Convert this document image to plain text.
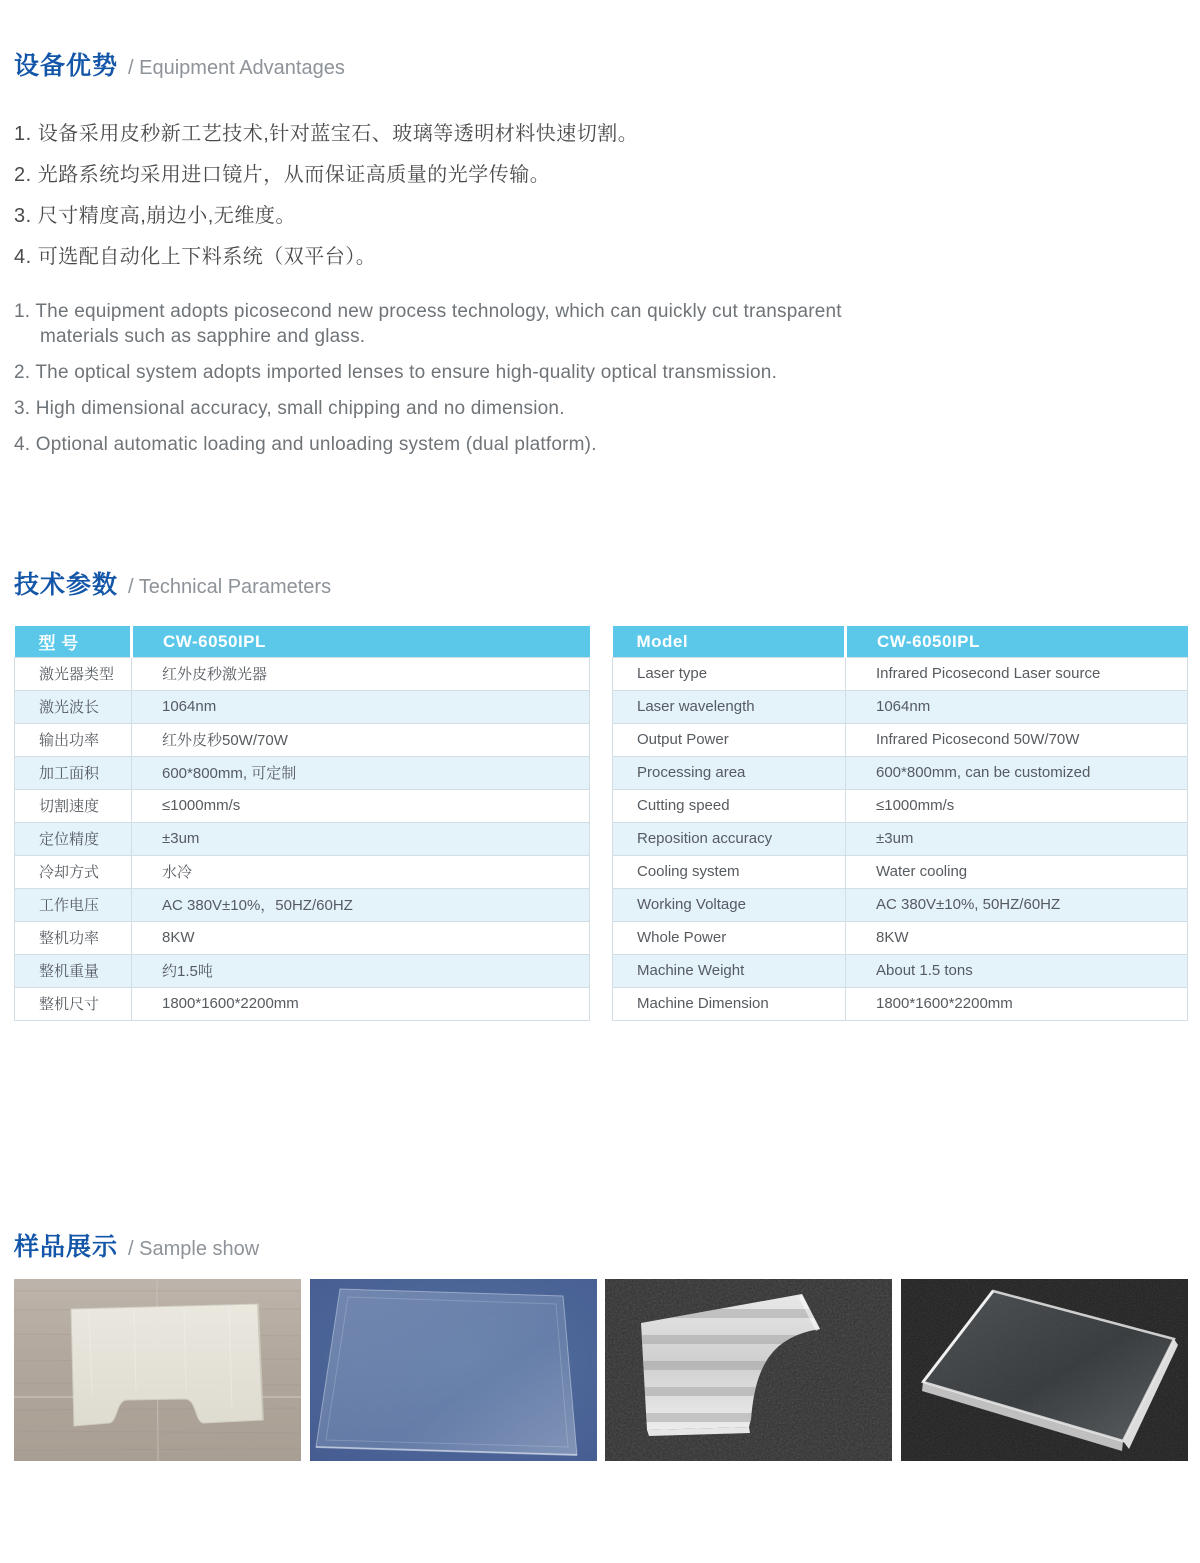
设备优势 / Equipment Advantages
1. 设备采用皮秒新工艺技术,针对蓝宝石、玻璃等透明材料快速切割。
2. 光路系统均采用进口镜片，从而保证高质量的光学传输。
3. 尺寸精度高,崩边小,无维度。
4. 可选配自动化上下料系统（双平台）。
1. The equipment adopts picosecond new process technology, which can quickly cut transparent materials such as sapphire and glass.
2. The optical system adopts imported lenses to ensure high-quality optical transmission.
3. High dimensional accuracy, small chipping and no dimension.
4. Optional automatic loading and unloading system (dual platform).
技术参数 / Technical Parameters
型 号	CW-6050IPL
激光器类型	红外皮秒激光器
激光波长	1064nm
输出功率	红外皮秒50W/70W
加工面积	600*800mm, 可定制
切割速度	≤1000mm/s
定位精度	±3um
冷却方式	水冷
工作电压	AC 380V±10%，50HZ/60HZ
整机功率	8KW
整机重量	约1.5吨
整机尺寸	1800*1600*2200mm
Model	CW-6050IPL
Laser type	Infrared Picosecond Laser source
Laser wavelength	1064nm
Output Power	Infrared Picosecond 50W/70W
Processing area	600*800mm, can be customized
Cutting speed	≤1000mm/s
Reposition accuracy	±3um
Cooling system	Water cooling
Working Voltage	AC 380V±10%, 50HZ/60HZ
Whole Power	8KW
Machine Weight	About 1.5 tons
Machine Dimension	1800*1600*2200mm
样品展示 / Sample show
